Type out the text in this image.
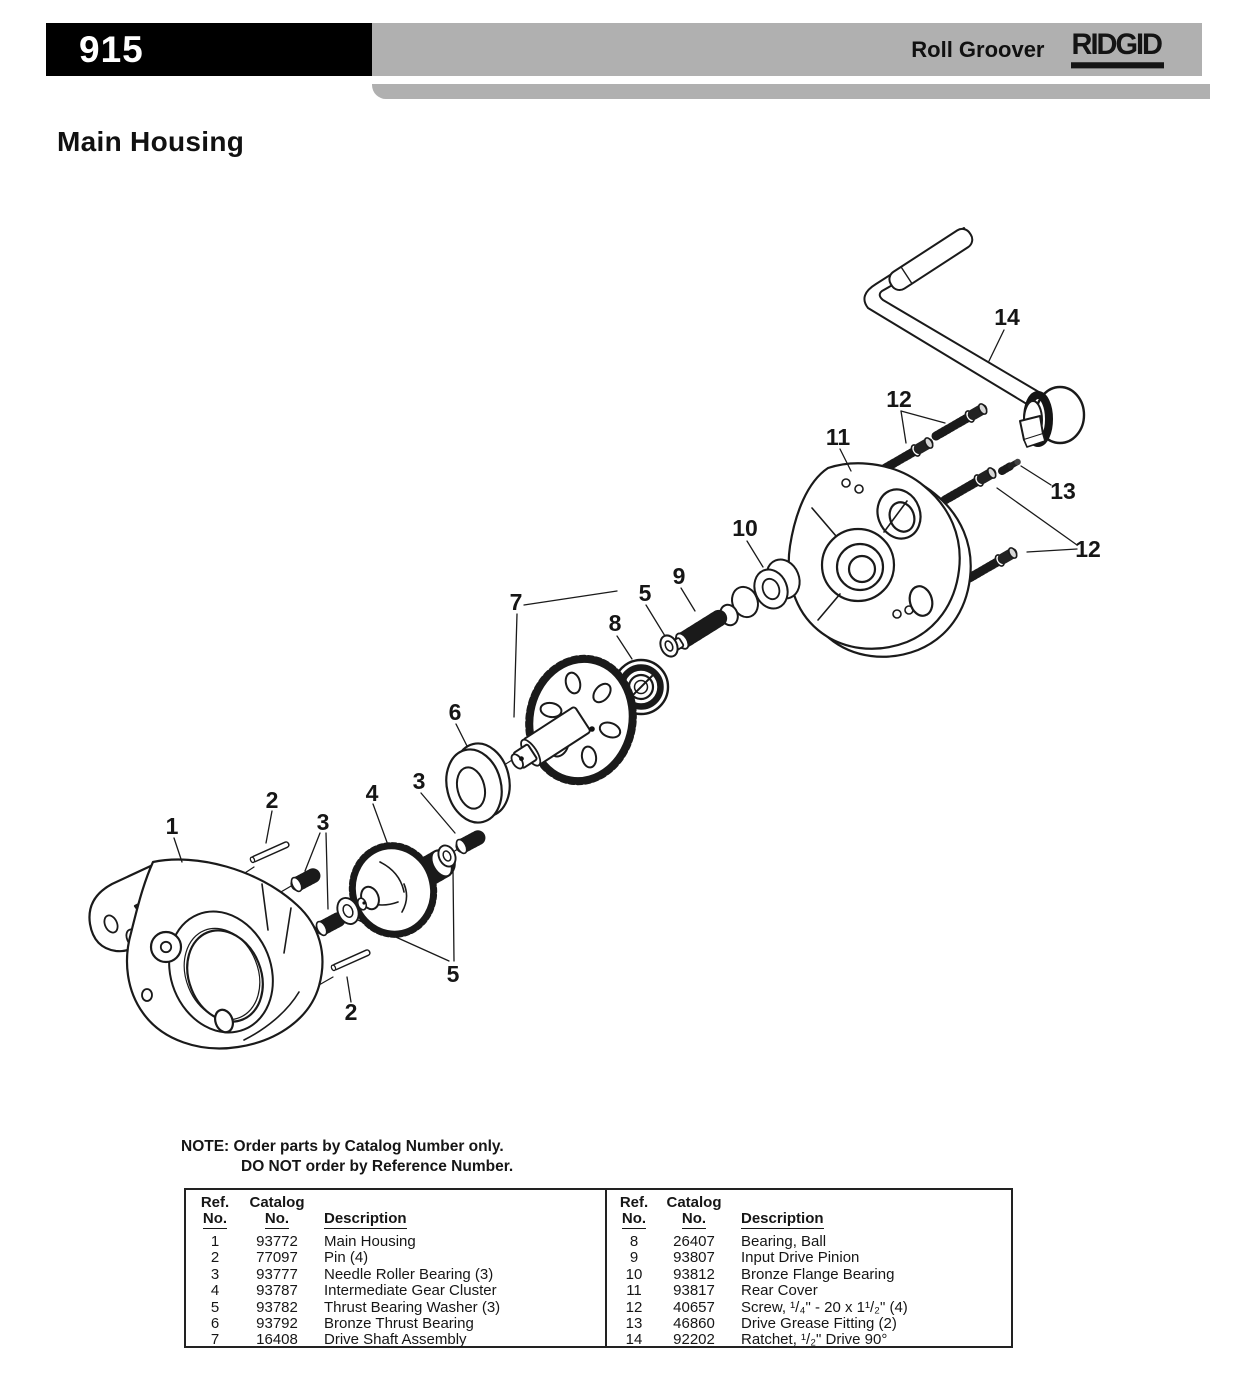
915	Roll Groover RIDGID
Main Housing
1
2
3
4 3
5
2
6
7
8
5
9
10
11
12
13
12
14
NOTE: Order parts by Catalog Number only.
DO NOT order by Reference Number.
Ref.
No.
Catalog
No.	Description
1	93772	Main Housing
2	77097	Pin (4)
3	93777	Needle Roller Bearing (3)
4	93787	Intermediate Gear Cluster
5	93782	Thrust Bearing Washer (3)
6	93792	Bronze Thrust Bearing
7	16408	Drive Shaft Assembly
Ref.
No.
Catalog
No.	Description
8	26407	Bearing, Ball
9	93807	Input Drive Pinion
10	93812	Bronze Flange Bearing
11	93817	Rear Cover
12	40657	Screw, ¹/₄" - 20 x 1¹/₂" (4)
13	46860	Drive Grease Fitting (2)
14	92202	Ratchet, ¹/₂" Drive 90°
